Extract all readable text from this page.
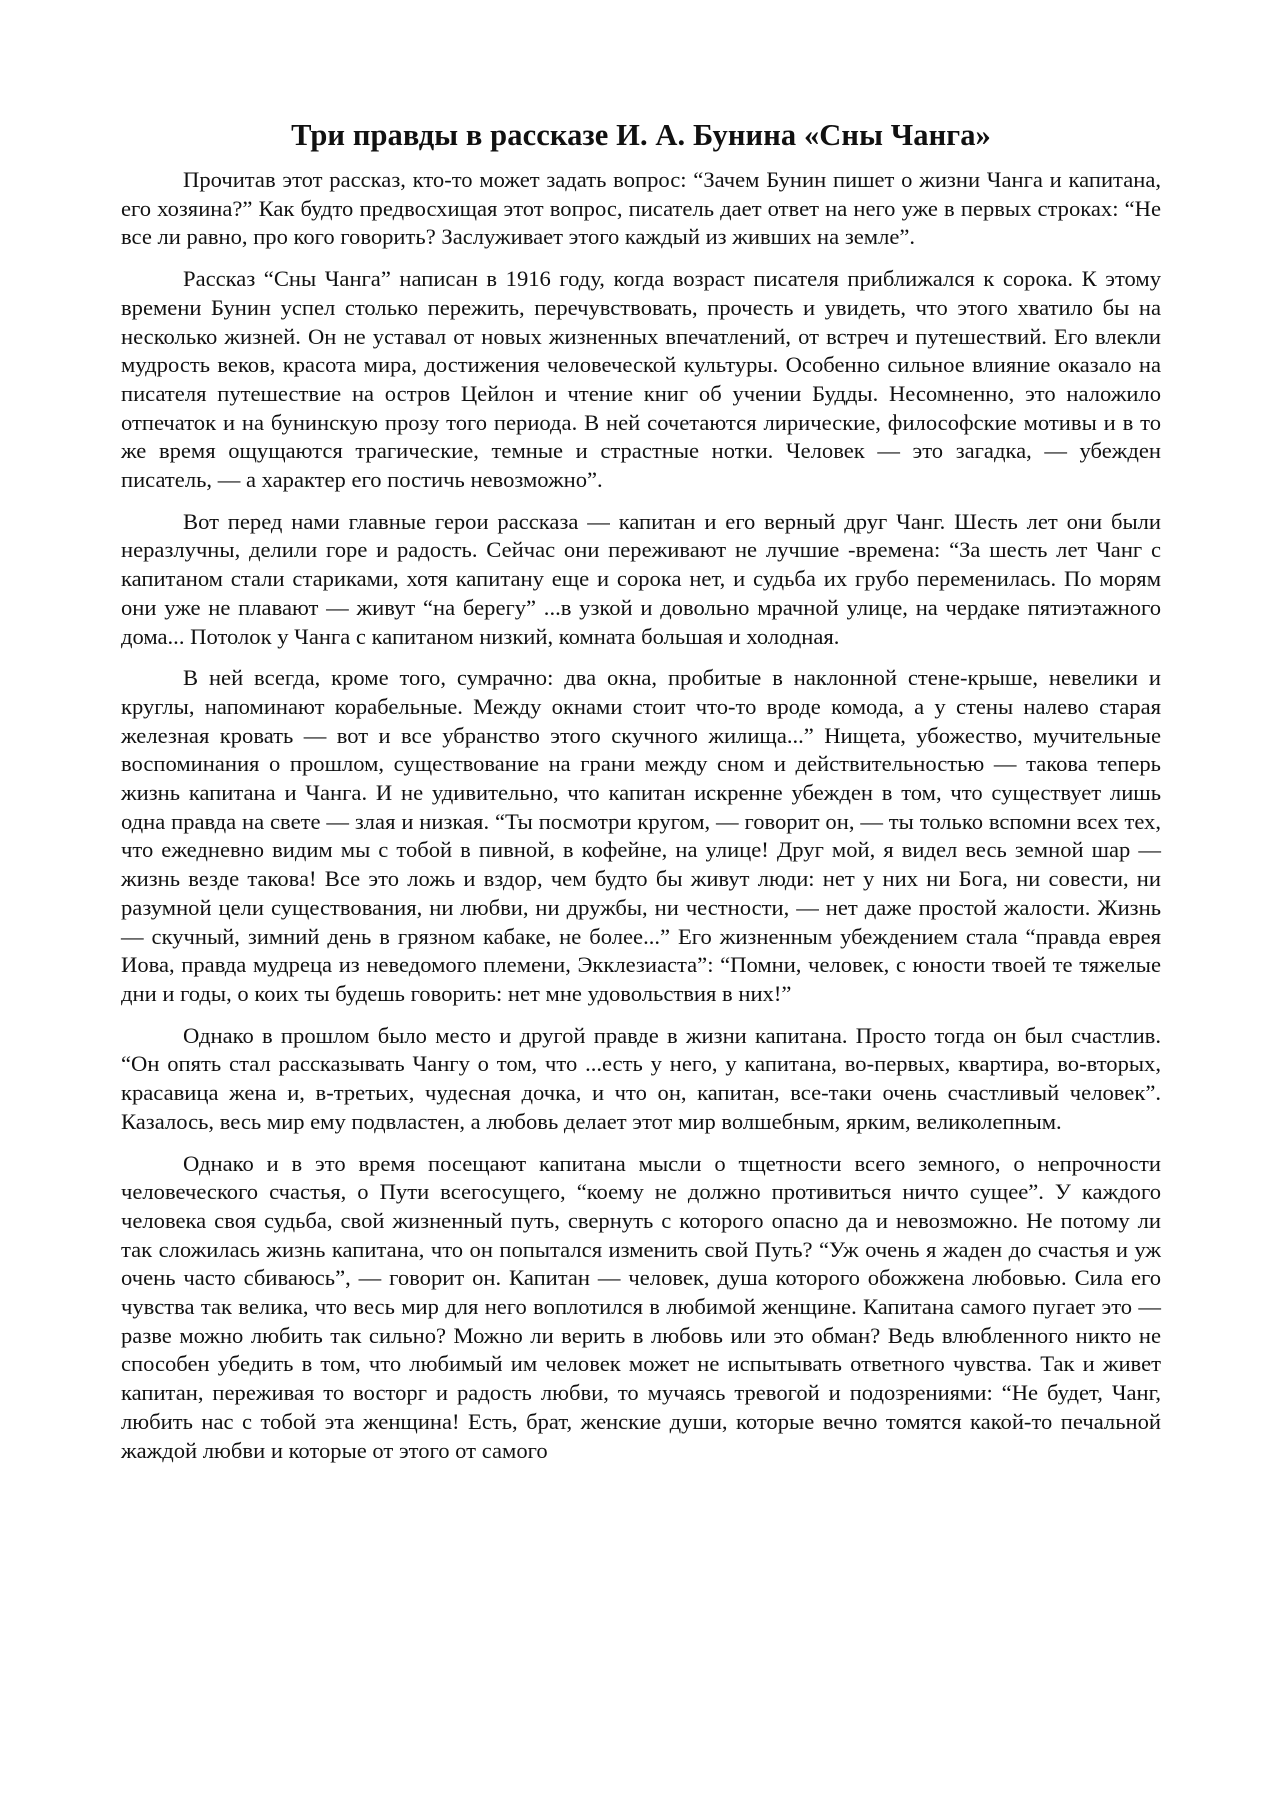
Три правды в рассказе И. А. Бунина «Сны Чанга»

Прочитав этот рассказ, кто-то может задать вопрос: “Зачем Бунин пишет о жизни Чанга и капитана, его хозяина?” Как будто предвосхищая этот вопрос, писатель дает ответ на него уже в первых строках: “Не все ли равно, про кого говорить? Заслуживает этого каждый из живших на земле”.

Рассказ “Сны Чанга” написан в 1916 году, когда возраст писателя приближался к сорока. К этому времени Бунин успел столько пережить, перечувствовать, прочесть и увидеть, что этого хватило бы на несколько жизней. Он не уставал от новых жизненных впечатлений, от встреч и путешествий. Его влекли мудрость веков, красота мира, достижения человеческой культуры. Особенно сильное влияние оказало на писателя путешествие на остров Цейлон и чтение книг об учении Будды. Несомненно, это наложило отпечаток и на бунинскую прозу того периода. В ней сочетаются лирические, философские мотивы и в то же время ощущаются трагические, темные и страстные нотки. Человек — это загадка, — убежден писатель, — а характер его постичь невозможно”.

Вот перед нами главные герои рассказа — капитан и его верный друг Чанг. Шесть лет они были неразлучны, делили горе и радость. Сейчас они переживают не лучшие -времена: “За шесть лет Чанг с капитаном стали стариками, хотя капитану еще и сорока нет, и судьба их грубо переменилась. По морям они уже не плавают — живут “на берегу” ...в узкой и довольно мрачной улице, на чердаке пятиэтажного дома... Потолок у Чанга с капитаном низкий, комната большая и холодная.

В ней всегда, кроме того, сумрачно: два окна, пробитые в наклонной стене-крыше, невелики и круглы, напоминают корабельные. Между окнами стоит что-то вроде комода, а у стены налево старая железная кровать — вот и все убранство этого скучного жилища...” Нищета, убожество, мучительные воспоминания о прошлом, существование на грани между сном и действительностью — такова теперь жизнь капитана и Чанга. И не удивительно, что капитан искренне убежден в том, что существует лишь одна правда на свете — злая и низкая. “Ты посмотри кругом, — говорит он, — ты только вспомни всех тех, что ежедневно видим мы с тобой в пивной, в кофейне, на улице! Друг мой, я видел весь земной шар — жизнь везде такова! Все это ложь и вздор, чем будто бы живут люди: нет у них ни Бога, ни совести, ни разумной цели существования, ни любви, ни дружбы, ни честности, — нет даже простой жалости. Жизнь — скучный, зимний день в грязном кабаке, не более...” Его жизненным убеждением стала “правда еврея Иова, правда мудреца из неведомого племени, Экклезиаста”: “Помни, человек, с юности твоей те тяжелые дни и годы, о коих ты будешь говорить: нет мне удовольствия в них!”

Однако в прошлом было место и другой правде в жизни капитана. Просто тогда он был счастлив. “Он опять стал рассказывать Чангу о том, что ...есть у него, у капитана, во-первых, квартира, во-вторых, красавица жена и, в-третьих, чудесная дочка, и что он, капитан, все-таки очень счастливый человек”. Казалось, весь мир ему подвластен, а любовь делает этот мир волшебным, ярким, великолепным.

Однако и в это время посещают капитана мысли о тщетности всего земного, о непрочности человеческого счастья, о Пути всегосущего, “коему не должно противиться ничто сущее”. У каждого человека своя судьба, свой жизненный путь, свернуть с которого опасно да и невозможно. Не потому ли так сложилась жизнь капитана, что он попытался изменить свой Путь? “Уж очень я жаден до счастья и уж очень часто сбиваюсь”, — говорит он. Капитан — человек, душа которого обожжена любовью. Сила его чувства так велика, что весь мир для него воплотился в любимой женщине. Капитана самого пугает это — разве можно любить так сильно? Можно ли верить в любовь или это обман? Ведь влюбленного никто не способен убедить в том, что любимый им человек может не испытывать ответного чувства. Так и живет капитан, переживая то восторг и радость любви, то мучаясь тревогой и подозрениями: “Не будет, Чанг, любить нас с тобой эта женщина! Есть, брат, женские души, которые вечно томятся какой-то печальной жаждой любви и которые от этого от самого
